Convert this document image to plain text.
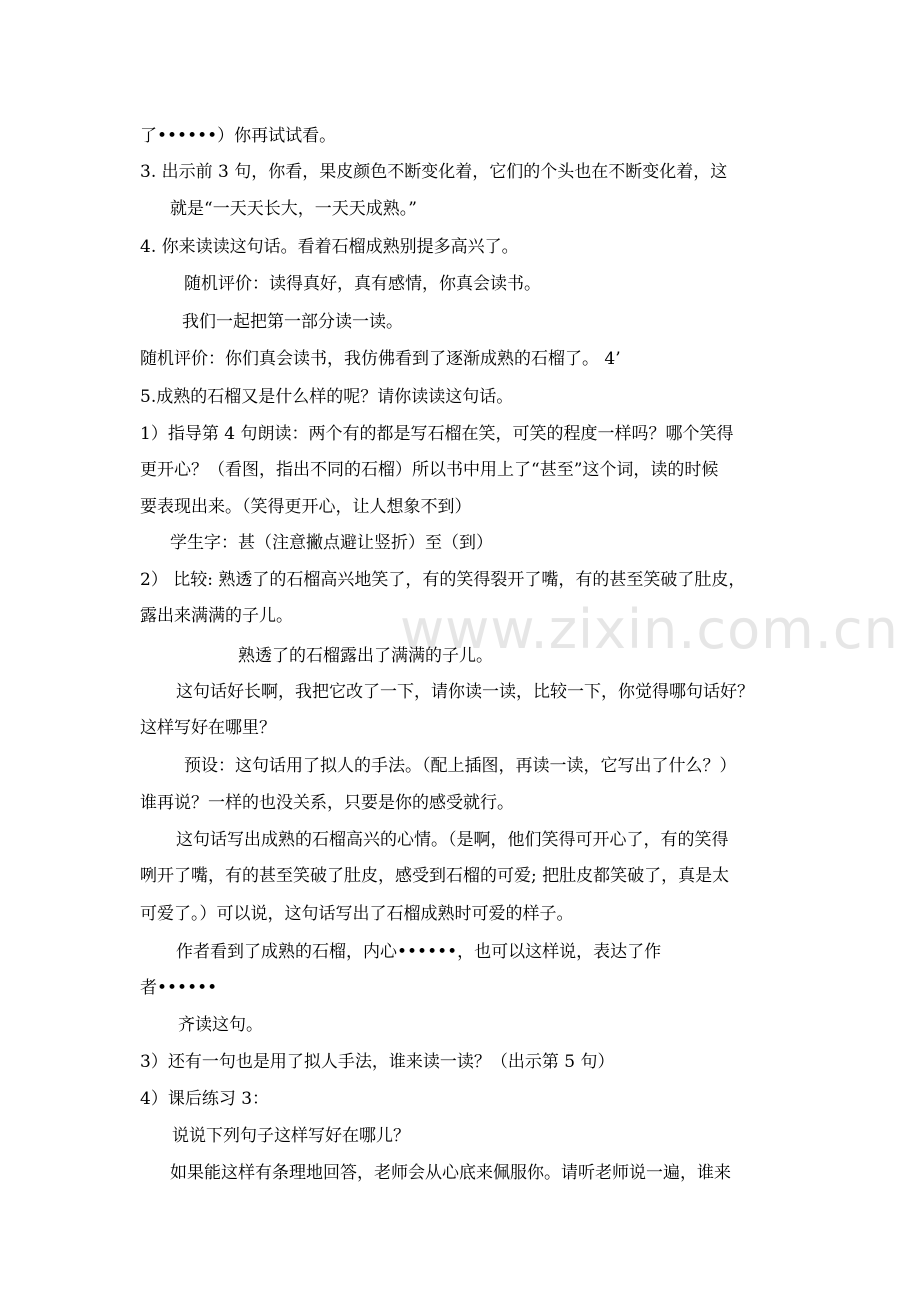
www.zixin.com.cn
了••••••）你再试试看。
3. 出示前 3 句，你看，果皮颜色不断变化着，它们的个头也在不断变化着，这
就是“一天天长大，一天天成熟。”
4. 你来读读这句话。看着石榴成熟别提多高兴了。
随机评价：读得真好，真有感情，你真会读书。
我们一起把第一部分读一读。
随机评价：你们真会读书，我仿佛看到了逐渐成熟的石榴了。 4’
5.成熟的石榴又是什么样的呢？请你读读这句话。
1）指导第 4 句朗读：两个有的都是写石榴在笑，可笑的程度一样吗？哪个笑得
更开心？（看图，指出不同的石榴）所以书中用上了“甚至”这个词，读的时候
要表现出来。（笑得更开心，让人想象不到）
学生字：甚（注意撇点避让竖折）至（到）
2） 比较: 熟透了的石榴高兴地笑了，有的笑得裂开了嘴，有的甚至笑破了肚皮，
露出来满满的子儿。
熟透了的石榴露出了满满的子儿。
这句话好长啊，我把它改了一下，请你读一读，比较一下，你觉得哪句话好？
这样写好在哪里？
预设：这句话用了拟人的手法。（配上插图，再读一读，它写出了什么？）
谁再说？一样的也没关系，只要是你的感受就行。
这句话写出成熟的石榴高兴的心情。（是啊，他们笑得可开心了，有的笑得
咧开了嘴，有的甚至笑破了肚皮，感受到石榴的可爱; 把肚皮都笑破了，真是太
可爱了。）可以说，这句话写出了石榴成熟时可爱的样子。
作者看到了成熟的石榴，内心••••••，也可以这样说，表达了作
者••••••
齐读这句。
3）还有一句也是用了拟人手法，谁来读一读？（出示第 5 句）
4）课后练习 3：
说说下列句子这样写好在哪儿？
如果能这样有条理地回答，老师会从心底来佩服你。请听老师说一遍，谁来
